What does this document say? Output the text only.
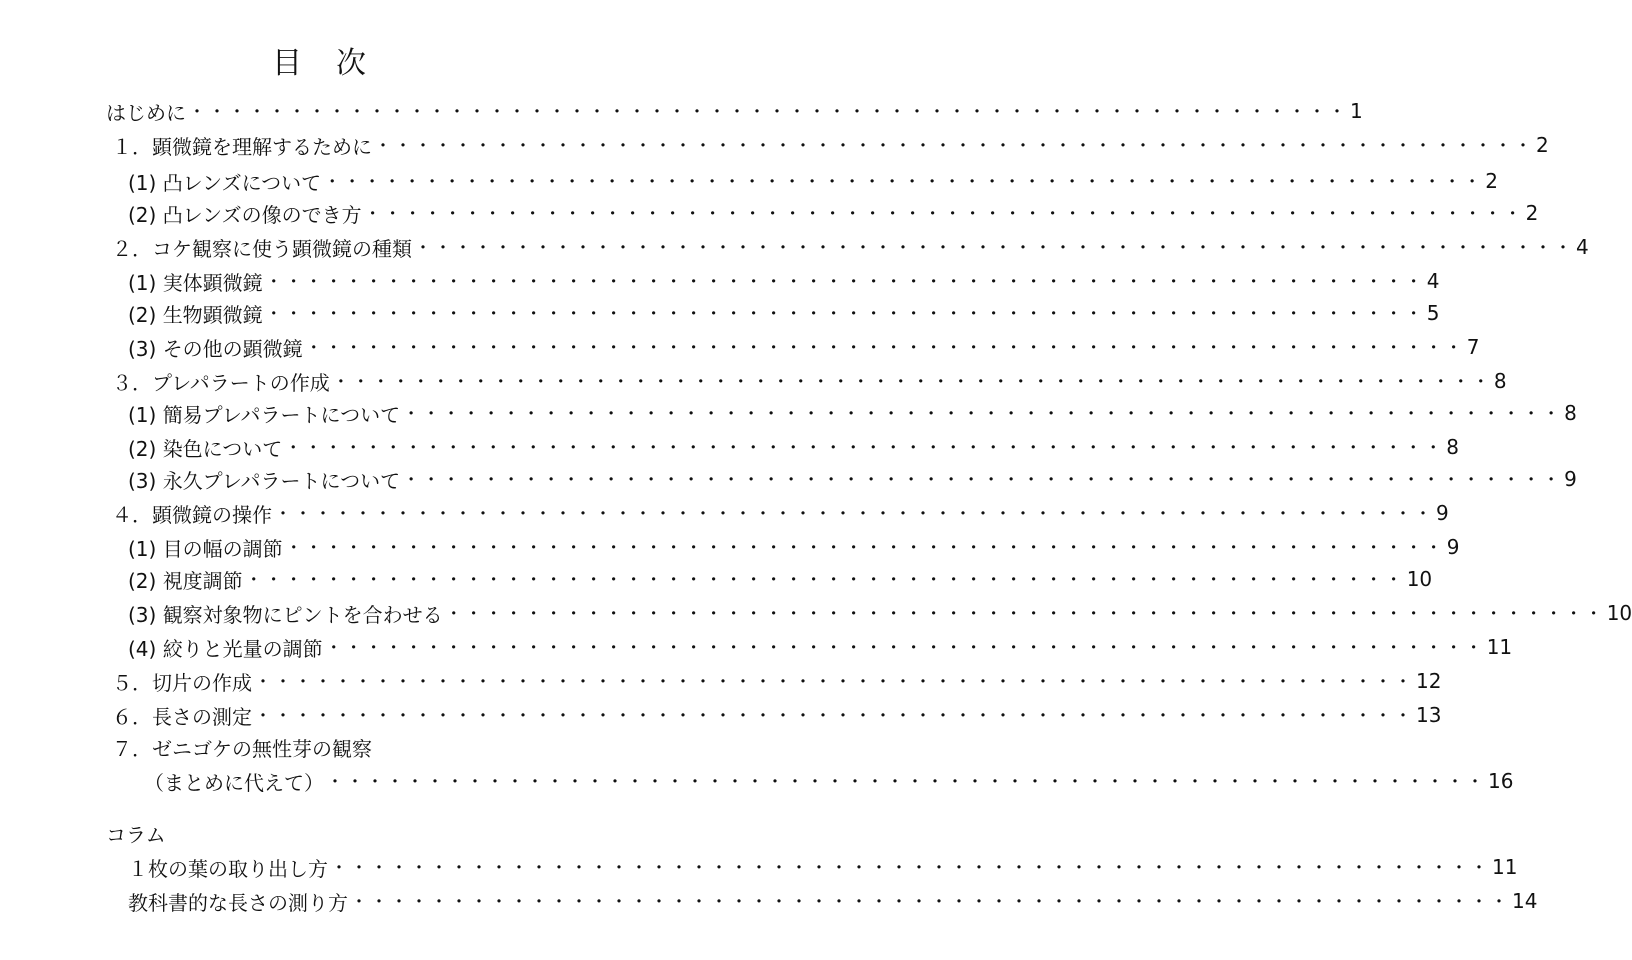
目　次
はじめに ・・・・・・・・・・・・・・・・・・・・・・・・・・・・・・・・・・・・・・・・・・・・・・・・・・・・・・・・・・ 1
１．顕微鏡を理解するために ・・・・・・・・・・・・・・・・・・・・・・・・・・・・・・・・・・・・・・・・・・・・・・・・・・・・・・・・・・ 2
(1) 凸レンズについて ・・・・・・・・・・・・・・・・・・・・・・・・・・・・・・・・・・・・・・・・・・・・・・・・・・・・・・・・・・ 2
(2) 凸レンズの像のでき方 ・・・・・・・・・・・・・・・・・・・・・・・・・・・・・・・・・・・・・・・・・・・・・・・・・・・・・・・・・・ 2
２．コケ観察に使う顕微鏡の種類 ・・・・・・・・・・・・・・・・・・・・・・・・・・・・・・・・・・・・・・・・・・・・・・・・・・・・・・・・・・ 4
(1) 実体顕微鏡 ・・・・・・・・・・・・・・・・・・・・・・・・・・・・・・・・・・・・・・・・・・・・・・・・・・・・・・・・・・ 4
(2) 生物顕微鏡 ・・・・・・・・・・・・・・・・・・・・・・・・・・・・・・・・・・・・・・・・・・・・・・・・・・・・・・・・・・ 5
(3) その他の顕微鏡 ・・・・・・・・・・・・・・・・・・・・・・・・・・・・・・・・・・・・・・・・・・・・・・・・・・・・・・・・・・ 7
３．プレパラートの作成 ・・・・・・・・・・・・・・・・・・・・・・・・・・・・・・・・・・・・・・・・・・・・・・・・・・・・・・・・・・ 8
(1) 簡易プレパラートについて ・・・・・・・・・・・・・・・・・・・・・・・・・・・・・・・・・・・・・・・・・・・・・・・・・・・・・・・・・・ 8
(2) 染色について ・・・・・・・・・・・・・・・・・・・・・・・・・・・・・・・・・・・・・・・・・・・・・・・・・・・・・・・・・・ 8
(3) 永久プレパラートについて ・・・・・・・・・・・・・・・・・・・・・・・・・・・・・・・・・・・・・・・・・・・・・・・・・・・・・・・・・・ 9
４．顕微鏡の操作 ・・・・・・・・・・・・・・・・・・・・・・・・・・・・・・・・・・・・・・・・・・・・・・・・・・・・・・・・・・ 9
(1) 目の幅の調節 ・・・・・・・・・・・・・・・・・・・・・・・・・・・・・・・・・・・・・・・・・・・・・・・・・・・・・・・・・・ 9
(2) 視度調節 ・・・・・・・・・・・・・・・・・・・・・・・・・・・・・・・・・・・・・・・・・・・・・・・・・・・・・・・・・・ 10
(3) 観察対象物にピントを合わせる ・・・・・・・・・・・・・・・・・・・・・・・・・・・・・・・・・・・・・・・・・・・・・・・・・・・・・・・・・・ 10
(4) 絞りと光量の調節 ・・・・・・・・・・・・・・・・・・・・・・・・・・・・・・・・・・・・・・・・・・・・・・・・・・・・・・・・・・ 11
５．切片の作成 ・・・・・・・・・・・・・・・・・・・・・・・・・・・・・・・・・・・・・・・・・・・・・・・・・・・・・・・・・・ 12
６．長さの測定 ・・・・・・・・・・・・・・・・・・・・・・・・・・・・・・・・・・・・・・・・・・・・・・・・・・・・・・・・・・ 13
７．ゼニゴケの無性芽の観察
（まとめに代えて） ・・・・・・・・・・・・・・・・・・・・・・・・・・・・・・・・・・・・・・・・・・・・・・・・・・・・・・・・・・ 16
コラム
１枚の葉の取り出し方 ・・・・・・・・・・・・・・・・・・・・・・・・・・・・・・・・・・・・・・・・・・・・・・・・・・・・・・・・・・ 11
教科書的な長さの測り方 ・・・・・・・・・・・・・・・・・・・・・・・・・・・・・・・・・・・・・・・・・・・・・・・・・・・・・・・・・・ 14
